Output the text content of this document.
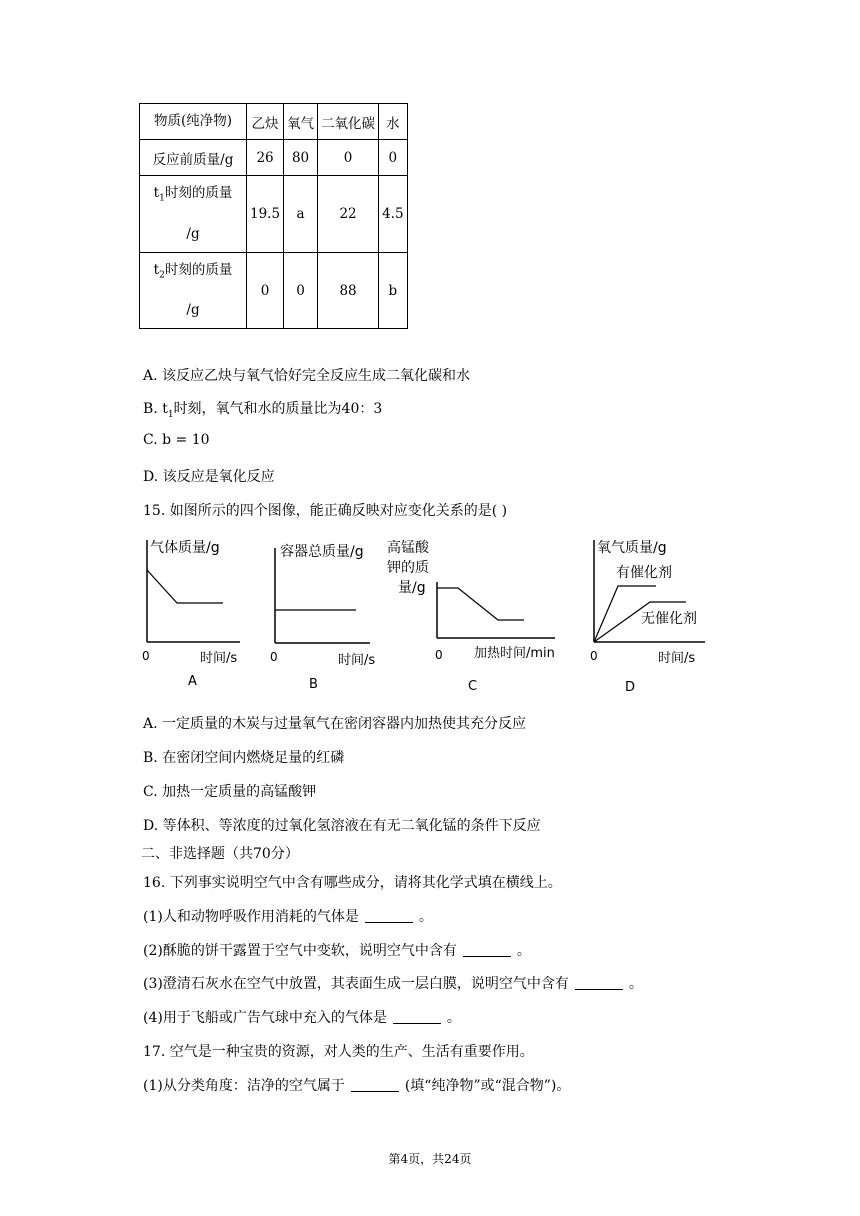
物质(纯净物)	乙炔	氧气	二氧化碳	水
反应前质量/g	26	80	0	0
$t_1$时刻的质量
/g	19.5	a	22	4.5
$t_2$时刻的质量
/g	0	0	88	b
A. 该反应乙炔与氧气恰好完全反应生成二氧化碳和水
B. $t_1$时刻，氧气和水的质量比为40：3
C. b = 10
D. 该反应是氧化反应
15. 如图所示的四个图像，能正确反映对应变化关系的是( )
气体质量/g
0	时间/s
A
容器总质量/g
0	时间/s
B
高锰酸
钾的质
量/g
0 加热时间/min
C
氧气质量/g
有催化剂
无催化剂
0	时间/s
D
A. 一定质量的木炭与过量氧气在密闭容器内加热使其充分反应
B. 在密闭空间内燃烧足量的红磷
C. 加热一定质量的高锰酸钾
D. 等体积、等浓度的过氧化氢溶液在有无二氧化锰的条件下反应
二、非选择题（共70分）
16. 下列事实说明空气中含有哪些成分，请将其化学式填在横线上。
(1)人和动物呼吸作用消耗的气体是	。
(2)酥脆的饼干露置于空气中变软，说明空气中含有	。
(3)澄清石灰水在空气中放置，其表面生成一层白膜，说明空气中含有	。
(4)用于飞船或广告气球中充入的气体是	。
17. 空气是一种宝贵的资源，对人类的生产、生活有重要作用。
(1)从分类角度：洁净的空气属于	(填“纯净物”或“混合物”)。
第4页，共24页
